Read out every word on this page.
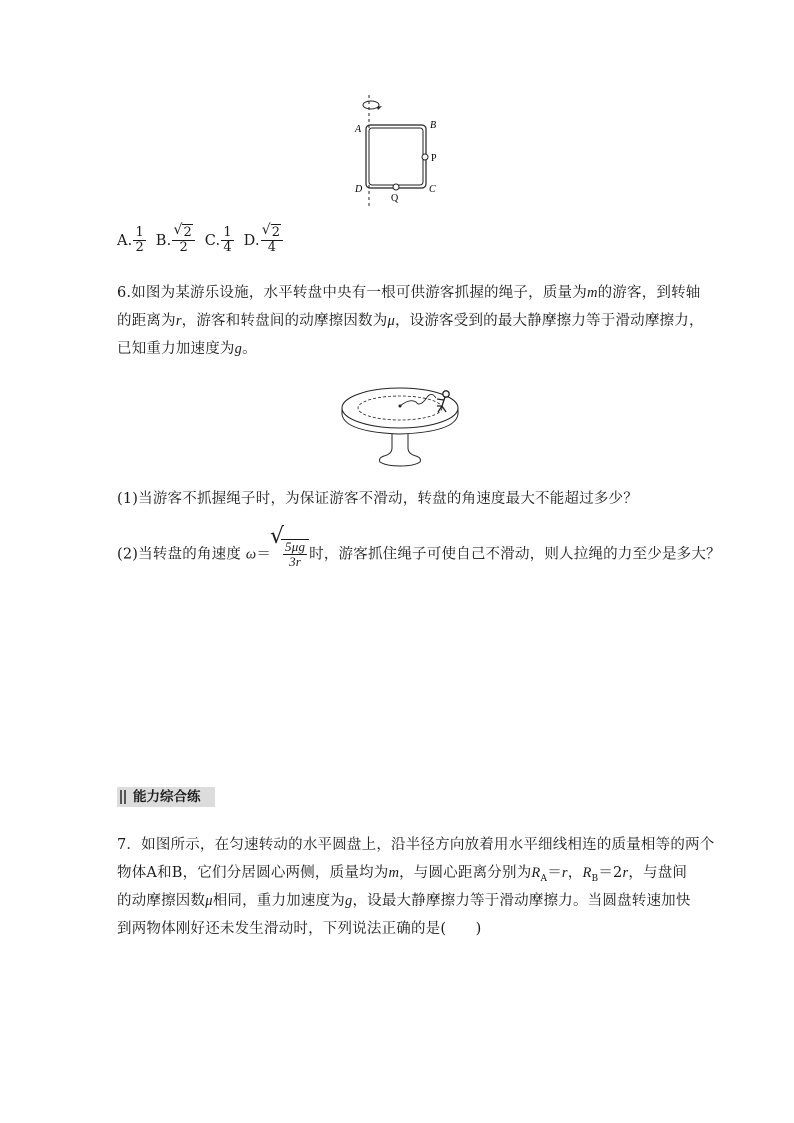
A	B
P
D
Q
C
A. $\frac{1}{2} B$. $\frac{√ 2}{2} C$. $\frac{1}{4} D$. $\frac{√ 2}{4}$
6.如图为某游乐设施，水平转盘中央有一根可供游客抓握的绳子，质量为m的游客，到转轴
的距离为r，游客和转盘间的动摩擦因数为μ，设游客受到的最大静摩擦力等于滑动摩擦力，
已知重力加速度为g。
(1)当游客不抓握绳子时，为保证游客不滑动，转盘的角速度最大不能超过多少？
(2)当转盘的角速度 ω＝
√
$\frac{5\mu g}{3r}$ 时，游客抓住绳子可使自己不滑动，则人拉绳的力至少是多大？
能力综合练
7．如图所示，在匀速转动的水平圆盘上，沿半径方向放着用水平细线相连的质量相等的两个
物体A和B，它们分居圆心两侧，质量均为m，与圆心距离分别为$R_A=r$，$R_B=2r$，与盘间
的动摩擦因数μ相同，重力加速度为g，设最大静摩擦力等于滑动摩擦力。当圆盘转速加快
到两物体刚好还未发生滑动时，下列说法正确的是(　　)
